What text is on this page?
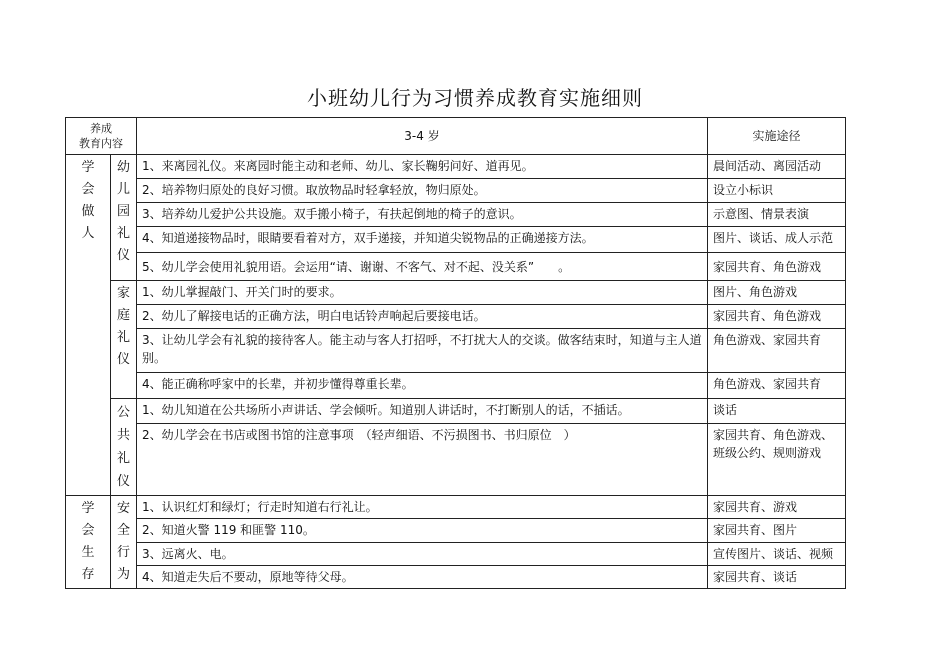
小班幼儿行为习惯养成教育实施细则
养成
教育内容		3-4 岁	实施途径

学会做人	幼儿园礼仪	1、来离园礼仪。来离园时能主动和老师、幼儿、家长鞠躬问好、道再见。	晨间活动、离园活动
		2、培养物归原处的良好习惯。取放物品时轻拿轻放，物归原处。	设立小标识
		3、培养幼儿爱护公共设施。双手搬小椅子，有扶起倒地的椅子的意识。	示意图、情景表演
		4、知道递接物品时，眼睛要看着对方，双手递接，并知道尖锐物品的正确递接方法。	图片、谈话、成人示范
		5、幼儿学会使用礼貌用语。会运用“请、谢谢、不客气、对不起、没关系”　　。	家园共育、角色游戏

	家庭礼仪	1、幼儿掌握敲门、开关门时的要求。	图片、角色游戏
		2、幼儿了解接电话的正确方法，明白电话铃声响起后要接电话。	家园共育、角色游戏
		3、让幼儿学会有礼貌的接待客人。能主动与客人打招呼，不打扰大人的交谈。做客结束时，知道与主人道别。	角色游戏、家园共育
		4、能正确称呼家中的长辈，并初步懂得尊重长辈。	角色游戏、家园共育

	公共礼仪	1、幼儿知道在公共场所小声讲话、学会倾听。知道别人讲话时，不打断别人的话，不插话。	谈话
		2、幼儿学会在书店或图书馆的注意事项　（轻声细语、不污损图书、书归原位　）	家园共育、角色游戏、班级公约、规则游戏

学会生存	安全行为	1、认识红灯和绿灯；行走时知道右行礼让。	家园共育、游戏
		2、知道火警 119 和匪警 110。	家园共育、图片
		3、远离火、电。	宣传图片、谈话、视频
		4、知道走失后不要动，原地等待父母。	家园共育、谈话
